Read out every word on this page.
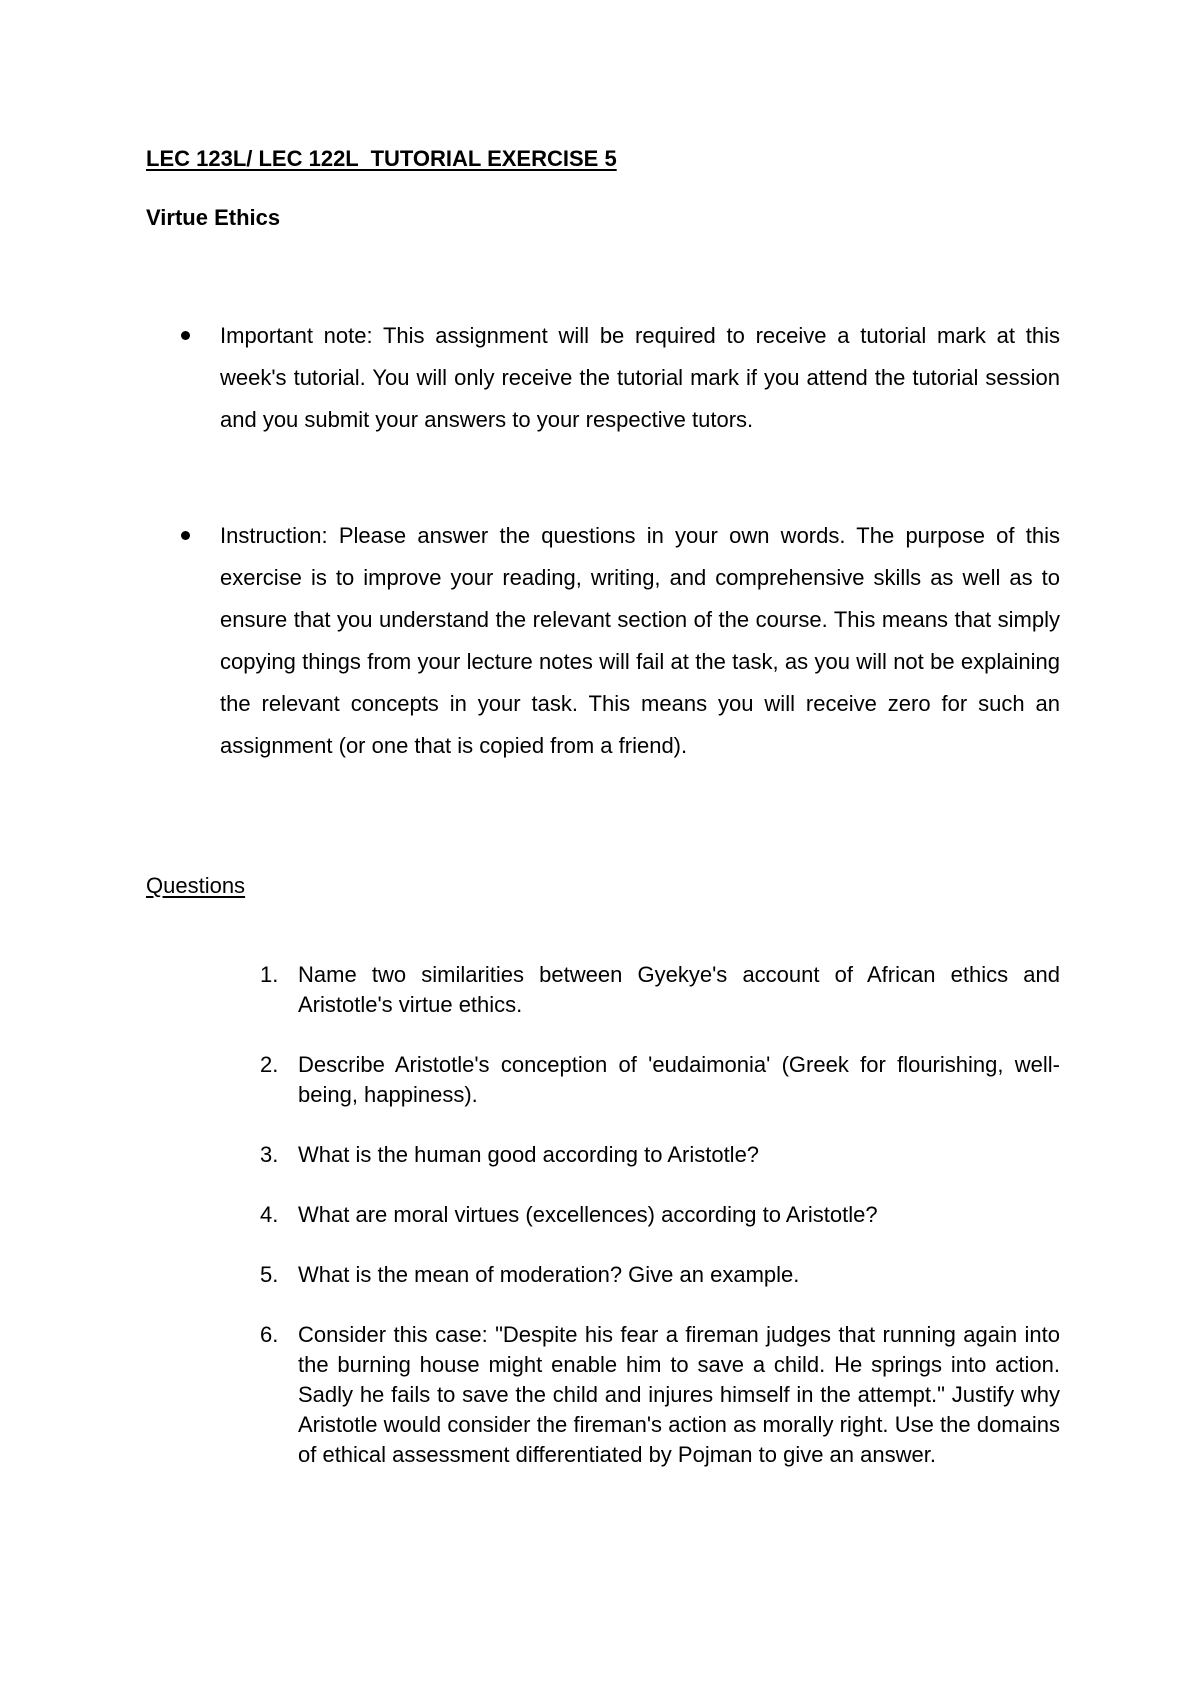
LEC 123L/ LEC 122L  TUTORIAL EXERCISE 5
Virtue Ethics
Important note: This assignment will be required to receive a tutorial mark at this week's tutorial. You will only receive the tutorial mark if you attend the tutorial session and you submit your answers to your respective tutors.
Instruction: Please answer the questions in your own words. The purpose of this exercise is to improve your reading, writing, and comprehensive skills as well as to ensure that you understand the relevant section of the course. This means that simply copying things from your lecture notes will fail at the task, as you will not be explaining the relevant concepts in your task. This means you will receive zero for such an assignment (or one that is copied from a friend).
Questions
1. Name two similarities between Gyekye's account of African ethics and Aristotle's virtue ethics.
2. Describe Aristotle's conception of 'eudaimonia' (Greek for flourishing, well-being, happiness).
3. What is the human good according to Aristotle?
4. What are moral virtues (excellences) according to Aristotle?
5. What is the mean of moderation? Give an example.
6. Consider this case: "Despite his fear a fireman judges that running again into the burning house might enable him to save a child. He springs into action. Sadly he fails to save the child and injures himself in the attempt." Justify why Aristotle would consider the fireman's action as morally right. Use the domains of ethical assessment differentiated by Pojman to give an answer.
